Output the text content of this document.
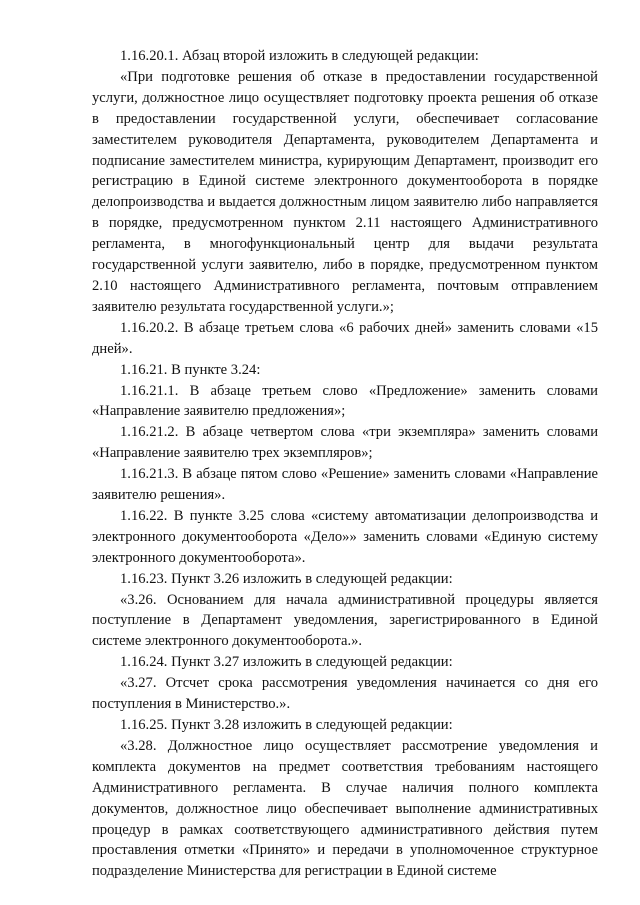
1.16.20.1. Абзац второй изложить в следующей редакции:

«При подготовке решения об отказе в предоставлении государственной услуги, должностное лицо осуществляет подготовку проекта решения об отказе в предоставлении государственной услуги, обеспечивает согласование заместителем руководителя Департамента, руководителем Департамента и подписание заместителем министра, курирующим Департамент, производит его регистрацию в Единой системе электронного документооборота в порядке делопроизводства и выдается должностным лицом заявителю либо направляется в порядке, предусмотренном пунктом 2.11 настоящего Административного регламента, в многофункциональный центр для выдачи результата государственной услуги заявителю, либо в порядке, предусмотренном пунктом 2.10 настоящего Административного регламента, почтовым отправлением заявителю результата государственной услуги.»;

1.16.20.2. В абзаце третьем слова «6 рабочих дней» заменить словами «15 дней».

1.16.21. В пункте 3.24:

1.16.21.1. В абзаце третьем слово «Предложение» заменить словами «Направление заявителю предложения»;

1.16.21.2. В абзаце четвертом слова «три экземпляра» заменить словами «Направление заявителю трех экземпляров»;

1.16.21.3. В абзаце пятом слово «Решение» заменить словами «Направление заявителю решения».

1.16.22. В пункте 3.25 слова «систему автоматизации делопроизводства и электронного документооборота «Дело»» заменить словами «Единую систему электронного документооборота».

1.16.23. Пункт 3.26 изложить в следующей редакции:

«3.26. Основанием для начала административной процедуры является поступление в Департамент уведомления, зарегистрированного в Единой системе электронного документооборота.».

1.16.24. Пункт 3.27 изложить в следующей редакции:

«3.27. Отсчет срока рассмотрения уведомления начинается со дня его поступления в Министерство.».

1.16.25. Пункт 3.28 изложить в следующей редакции:

«3.28. Должностное лицо осуществляет рассмотрение уведомления и комплекта документов на предмет соответствия требованиям настоящего Административного регламента. В случае наличия полного комплекта документов, должностное лицо обеспечивает выполнение административных процедур в рамках соответствующего административного действия путем проставления отметки «Принято» и передачи в уполномоченное структурное подразделение Министерства для регистрации в Единой системе
